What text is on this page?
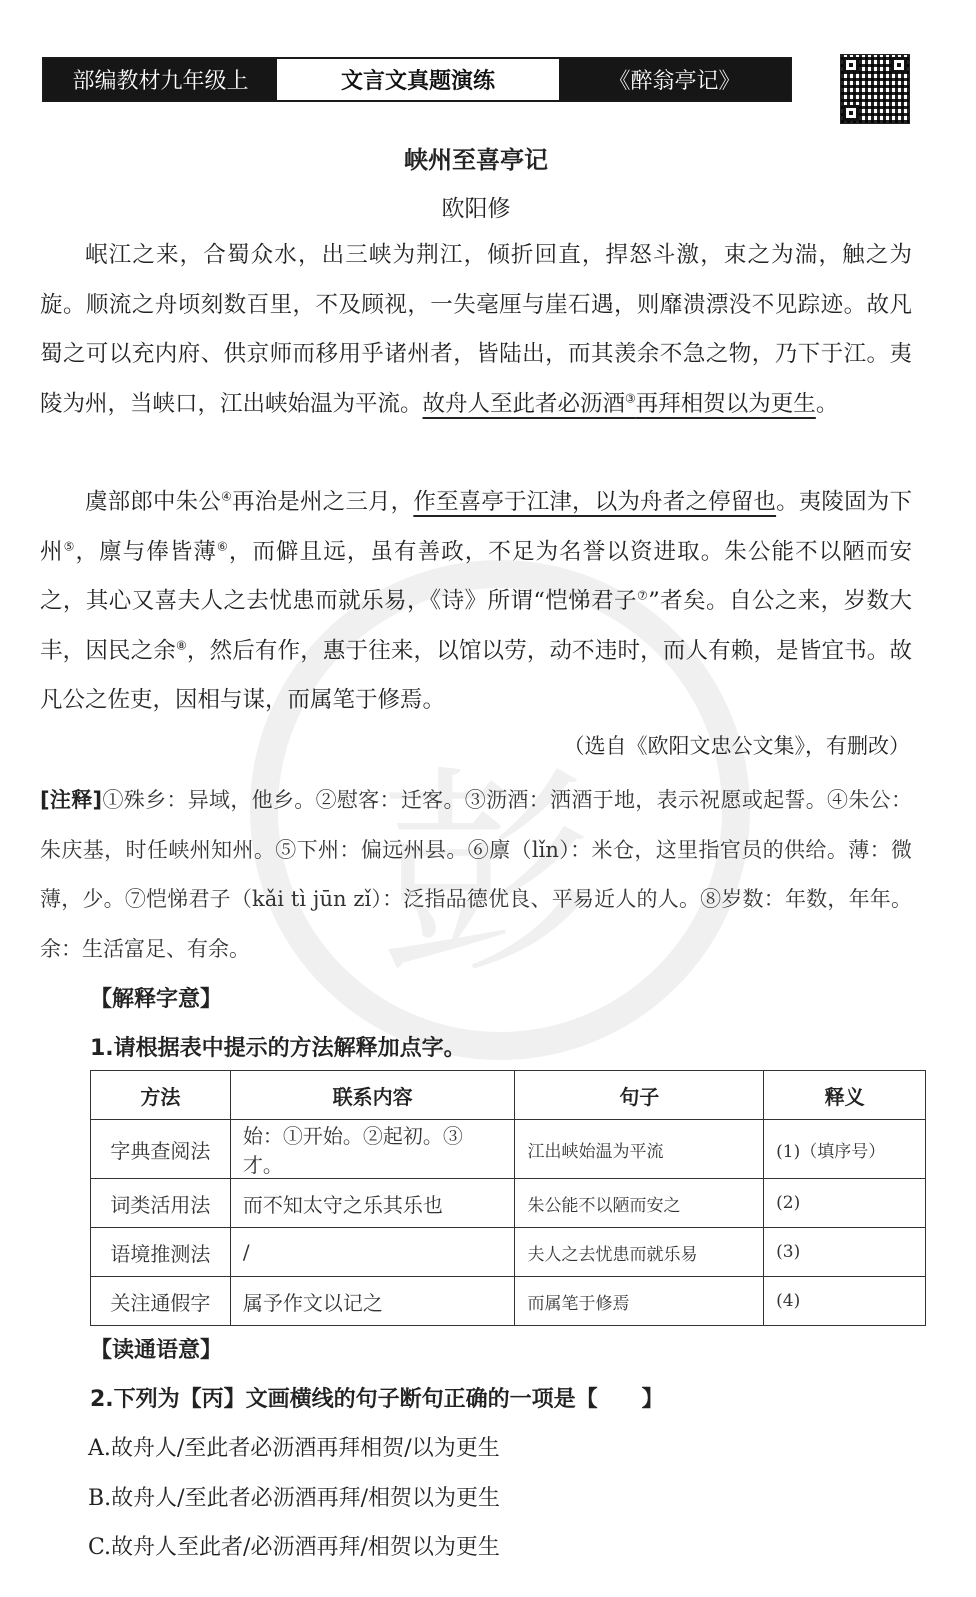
部编教材九年级上	文言文真题演练	《醉翁亭记》
彭
峡州至喜亭记
欧阳修

岷江之来，合蜀众水，出三峡为荆江，倾折回直，捍怒斗激，束之为湍，触之为旋。顺流之舟顷刻数百里，不及顾视，一失毫厘与崖石遇，则靡溃漂没不见踪迹。故凡蜀之可以充内府、供京师而移用乎诸州者，皆陆出，而其羡余不急之物，乃下于江。夷陵为州，当峡口，江出峡始温为平流。故舟人至此者必沥酒③再拜相贺以为更生。

虞部郎中朱公④再治是州之三月，作至喜亭于江津，以为舟者之停留也。夷陵固为下州⑤，廪与俸皆薄⑥，而僻且远，虽有善政，不足为名誉以资进取。朱公能不以陋而安之，其心又喜夫人之去忧患而就乐易，《诗》所谓“恺悌君子⑦”者矣。自公之来，岁数大丰，因民之余⑧，然后有作，惠于往来，以馆以劳，动不违时，而人有赖，是皆宜书。故凡公之佐吏，因相与谋，而属笔于修焉。

（选自《欧阳文忠公文集》，有删改）
[注释]①殊乡：异域，他乡。②慰客：迁客。③沥酒：洒酒于地，表示祝愿或起誓。④朱公：朱庆基，时任峡州知州。⑤下州：偏远州县。⑥廪（lǐn）：米仓，这里指官员的供给。薄：微薄，少。⑦恺悌君子（kǎi tì jūn zǐ）：泛指品德优良、平易近人的人。⑧岁数：年数，年年。余：生活富足、有余。
【解释字意】
1.请根据表中提示的方法解释加点字。
方法	联系内容	句子	释义
字典查阅法	始：①开始。②起初。③才。	江出峡始温为平流	(1)（填序号）
词类活用法	而不知太守之乐其乐也	朱公能不以陋而安之	(2)
语境推测法	/	夫人之去忧患而就乐易	(3)
关注通假字	属予作文以记之	而属笔于修焉	(4)
【读通语意】
2.下列为【丙】文画横线的句子断句正确的一项是【　　】
A.故舟人/至此者必沥酒再拜相贺/以为更生
B.故舟人/至此者必沥酒再拜/相贺以为更生
C.故舟人至此者/必沥酒再拜/相贺以为更生
